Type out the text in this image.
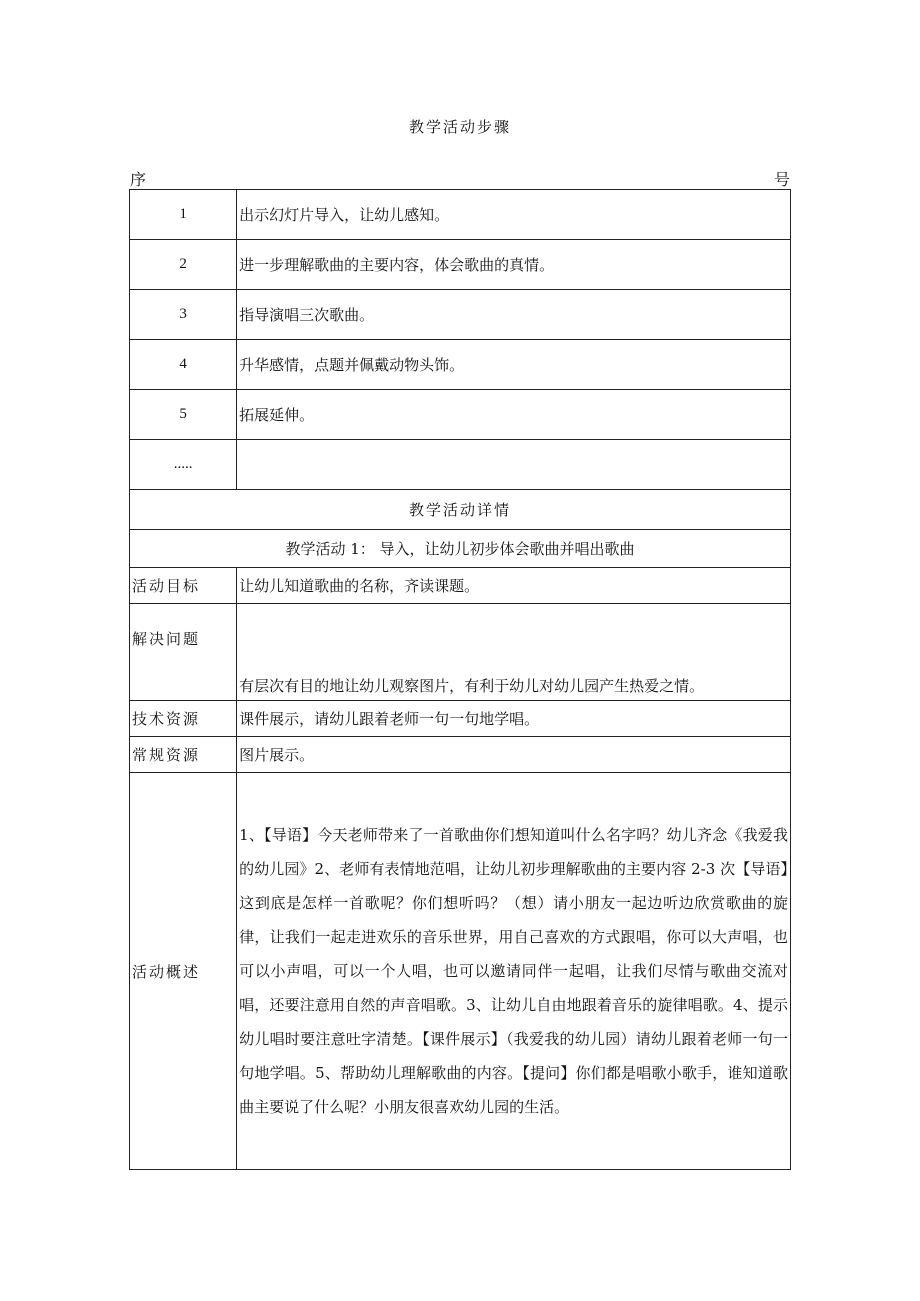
教学活动步骤
序	号
1	出示幻灯片导入，让幼儿感知。
2	进一步理解歌曲的主要内容，体会歌曲的真情。
3	指导演唱三次歌曲。
4	升华感情，点题并佩戴动物头饰。
5	拓展延伸。
.....	
教学活动详情	
教学活动 1： 导入，让幼儿初步体会歌曲并唱出歌曲	
活动目标	让幼儿知道歌曲的名称，齐读课题。
解决问题	有层次有目的地让幼儿观察图片，有利于幼儿对幼儿园产生热爱之情。
技术资源	课件展示，请幼儿跟着老师一句一句地学唱。
常规资源	图片展示。
活动概述	1、【导语】今天老师带来了一首歌曲你们想知道叫什么名字吗？幼儿齐念《我爱我的幼儿园》2、老师有表情地范唱，让幼儿初步理解歌曲的主要内容 2-3 次【导语】这到底是怎样一首歌呢？你们想听吗？（想）请小朋友一起边听边欣赏歌曲的旋律，让我们一起走进欢乐的音乐世界，用自己喜欢的方式跟唱，你可以大声唱，也可以小声唱，可以一个人唱，也可以邀请同伴一起唱，让我们尽情与歌曲交流对唱，还要注意用自然的声音唱歌。3、让幼儿自由地跟着音乐的旋律唱歌。4、提示幼儿唱时要注意吐字清楚。【课件展示】（我爱我的幼儿园）请幼儿跟着老师一句一句地学唱。5、帮助幼儿理解歌曲的内容。【提问】你们都是唱歌小歌手，谁知道歌曲主要说了什么呢？小朋友很喜欢幼儿园的生活。
